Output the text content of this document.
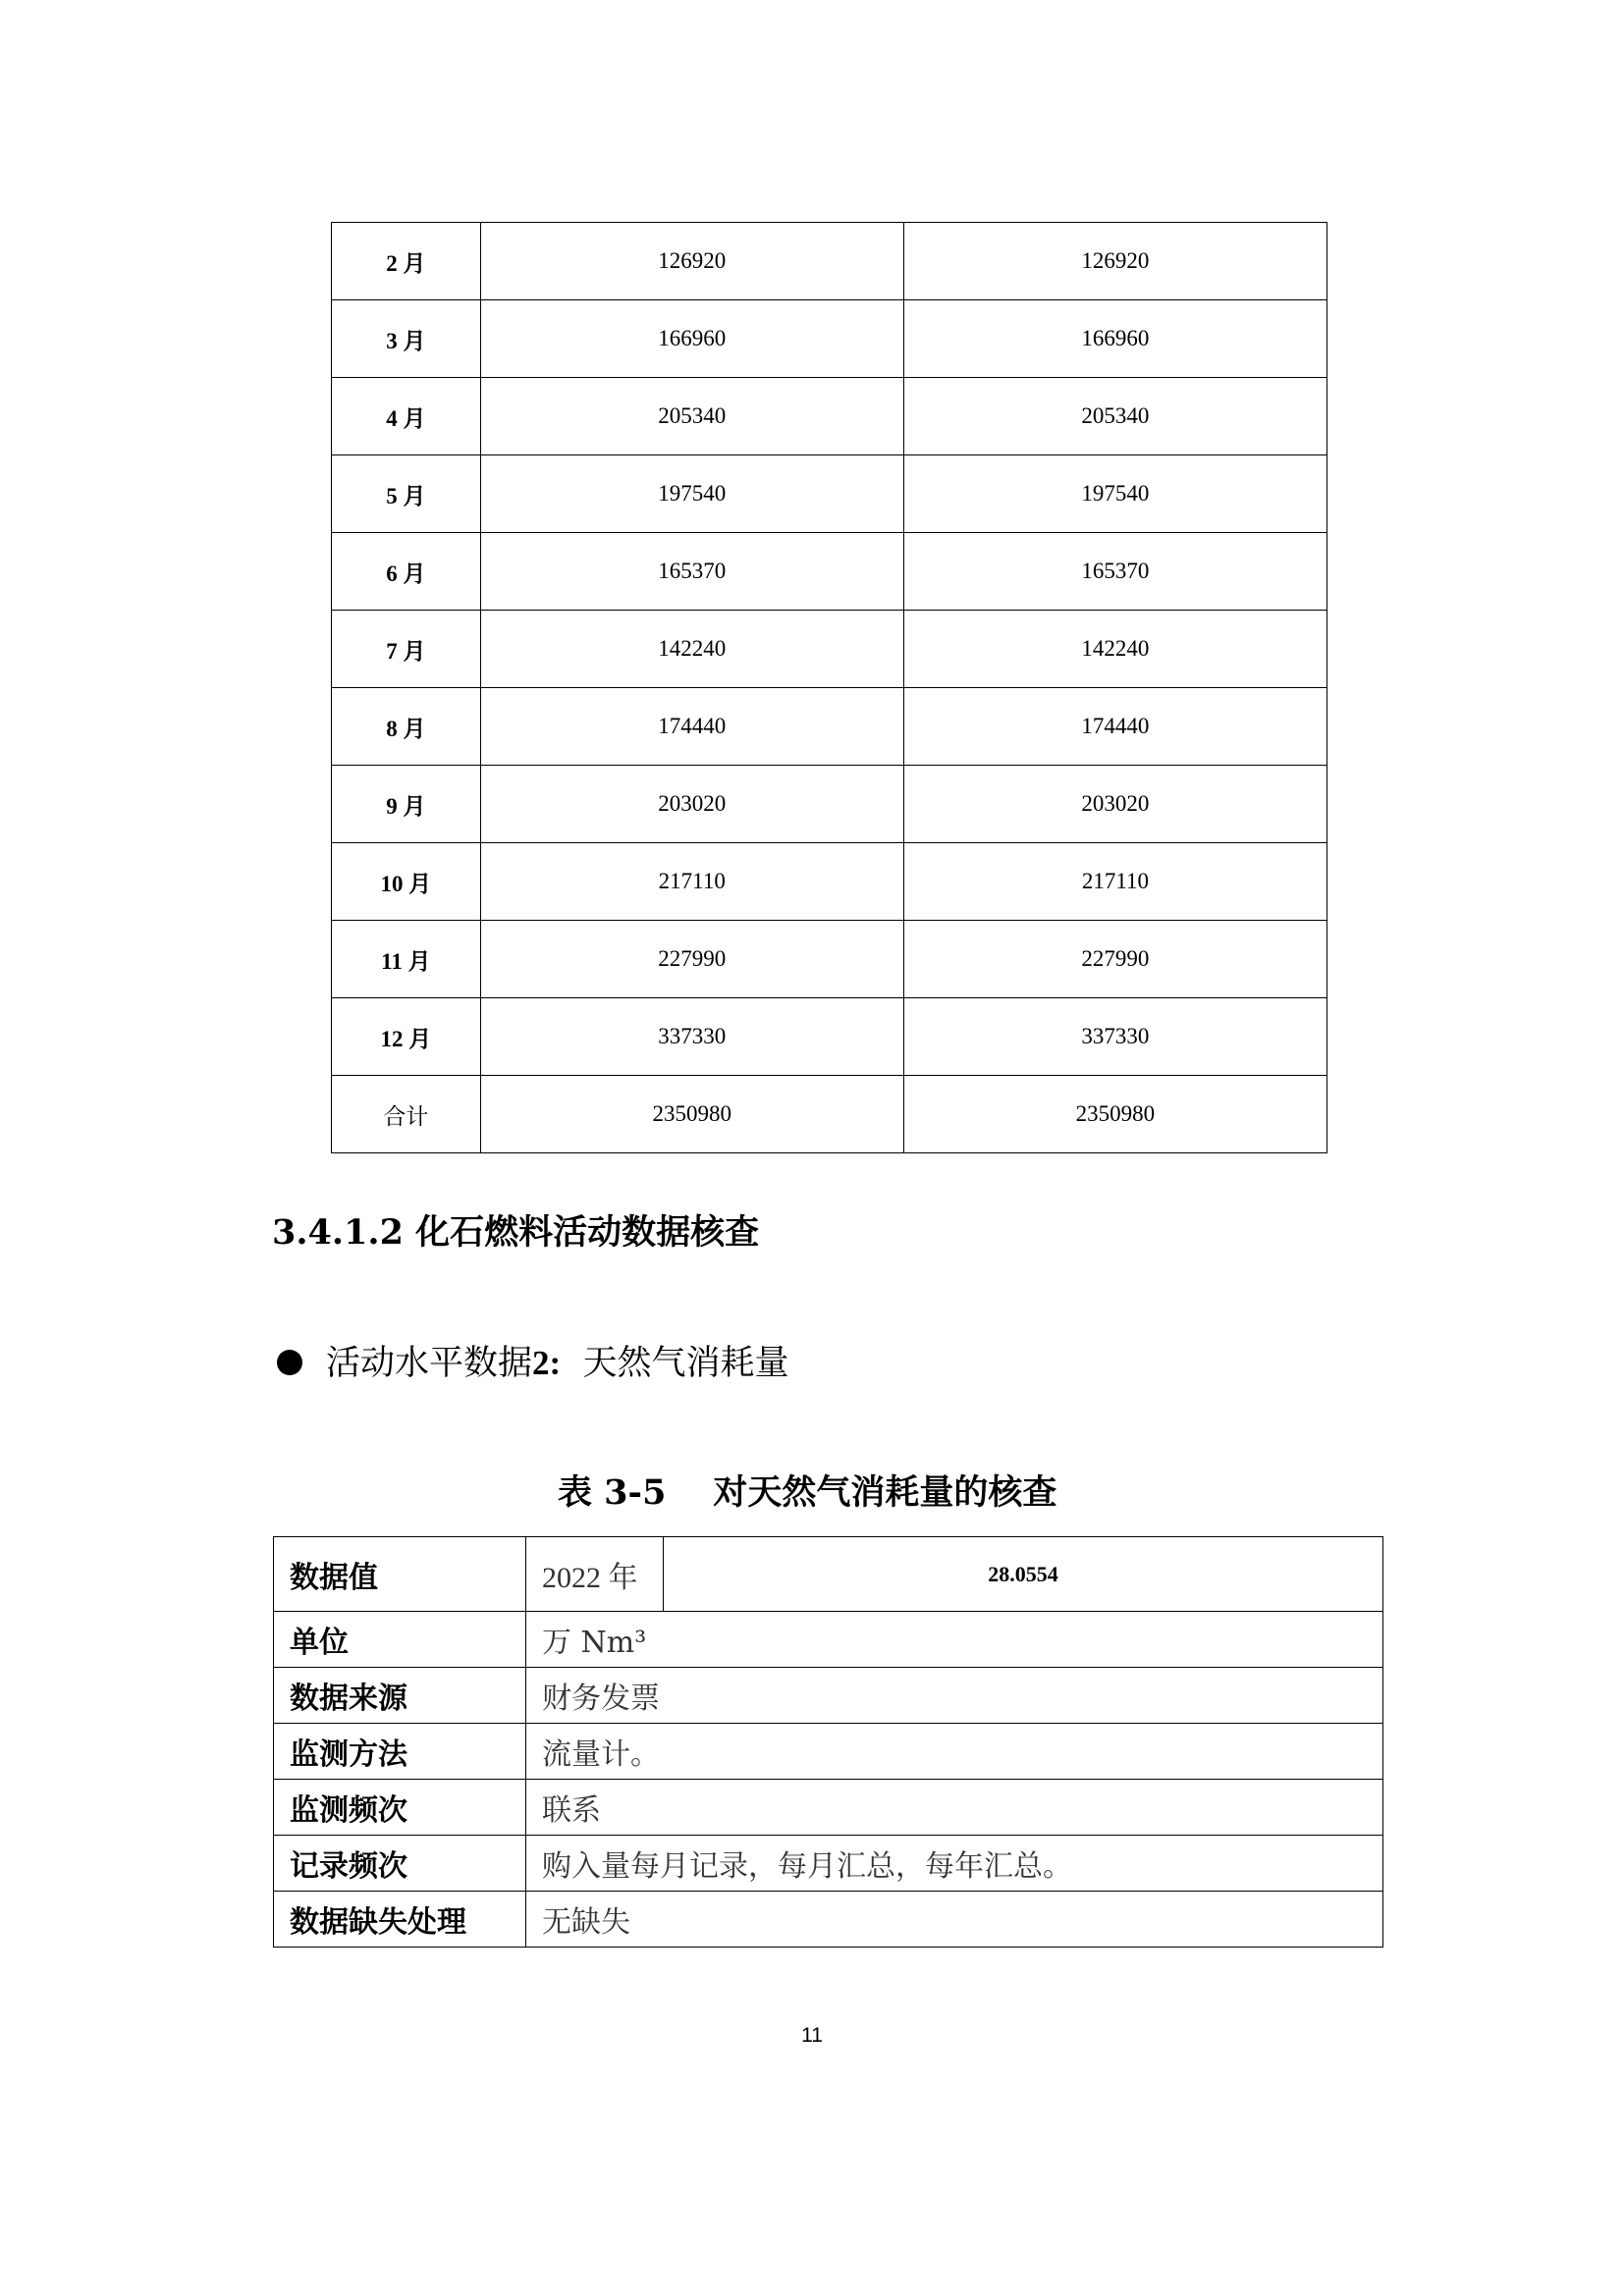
2 月	126920	126920
3 月	166960	166960
4 月	205340	205340
5 月	197540	197540
6 月	165370	165370
7 月	142240	142240
8 月	174440	174440
9 月	203020	203020
10 月	217110	217110
11 月	227990	227990
12 月	337330	337330
合计	2350980	2350980
3.4.1.2 化石燃料活动数据核查
活动水平数据2: 天然气消耗量
表 3-5 对天然气消耗量的核查
数据值	2022 年	28.0554
单位	万 Nm³	
数据来源	财务发票	
监测方法	流量计。	
监测频次	联系	
记录频次	购入量每月记录，每月汇总，每年汇总。	
数据缺失处理	无缺失	
11
